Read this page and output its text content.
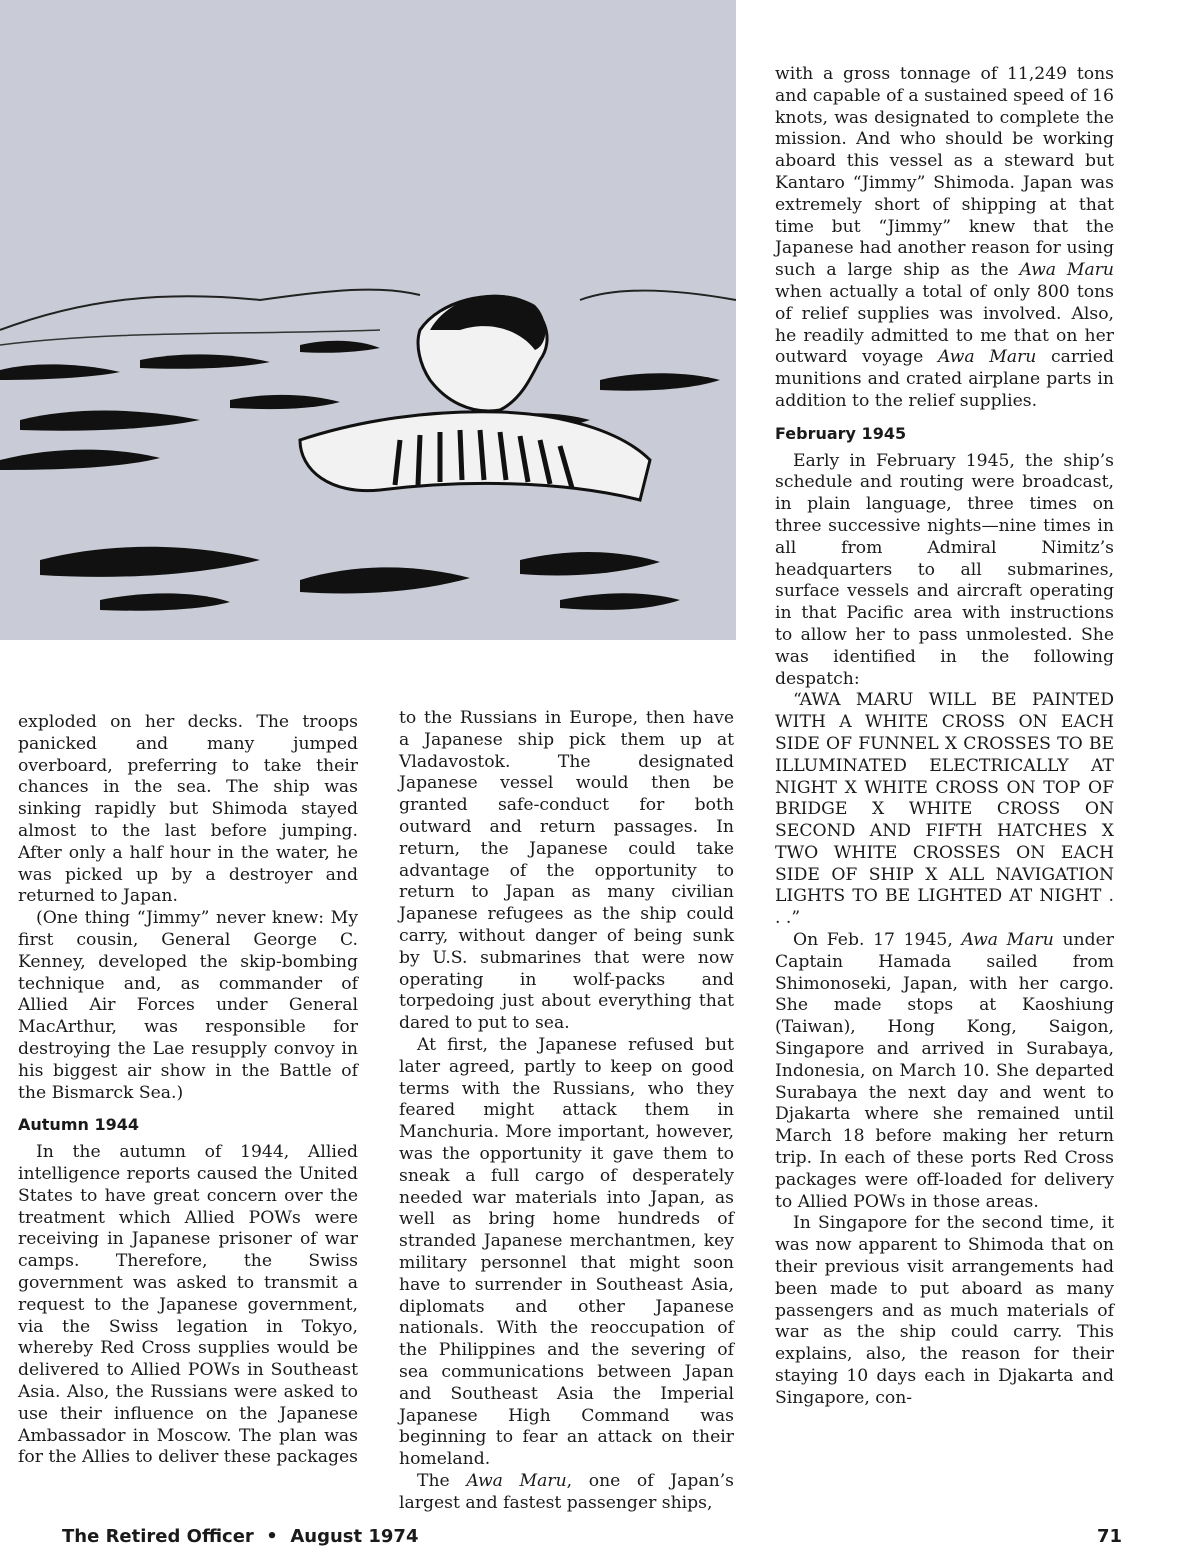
exploded on her decks. The troops panicked and many jumped overboard, preferring to take their chances in the sea. The ship was sinking rapidly but Shimoda stayed almost to the last before jumping. After only a half hour in the water, he was picked up by a destroyer and returned to Japan.

(One thing “Jimmy” never knew: My first cousin, General George C. Kenney, developed the skip-bombing technique and, as commander of Allied Air Forces under General MacArthur, was responsible for destroying the Lae resupply convoy in his biggest air show in the Battle of the Bismarck Sea.)

Autumn 1944

In the autumn of 1944, Allied intelligence reports caused the United States to have great concern over the treatment which Allied POWs were receiving in Japanese prisoner of war camps. Therefore, the Swiss government was asked to transmit a request to the Japanese government, via the Swiss legation in Tokyo, whereby Red Cross supplies would be delivered to Allied POWs in Southeast Asia. Also, the Russians were asked to use their influence on the Japanese Ambassador in Moscow. The plan was for the Allies to deliver these packages

to the Russians in Europe, then have a Japanese ship pick them up at Vladavostok. The designated Japanese vessel would then be granted safe-conduct for both outward and return passages. In return, the Japanese could take advantage of the opportunity to return to Japan as many civilian Japanese refugees as the ship could carry, without danger of being sunk by U.S. submarines that were now operating in wolf-packs and torpedoing just about everything that dared to put to sea.

At first, the Japanese refused but later agreed, partly to keep on good terms with the Russians, who they feared might attack them in Manchuria. More important, however, was the opportunity it gave them to sneak a full cargo of desperately needed war materials into Japan, as well as bring home hundreds of stranded Japanese merchantmen, key military personnel that might soon have to surrender in Southeast Asia, diplomats and other Japanese nationals. With the reoccupation of the Philippines and the severing of sea communications between Japan and Southeast Asia the Imperial Japanese High Command was beginning to fear an attack on their homeland.

The Awa Maru, one of Japan’s largest and fastest passenger ships,

with a gross tonnage of 11,249 tons and capable of a sustained speed of 16 knots, was designated to complete the mission. And who should be working aboard this vessel as a steward but Kantaro “Jimmy” Shimoda. Japan was extremely short of shipping at that time but “Jimmy” knew that the Japanese had another reason for using such a large ship as the Awa Maru when actually a total of only 800 tons of relief supplies was involved. Also, he readily admitted to me that on her outward voyage Awa Maru carried munitions and crated airplane parts in addition to the relief supplies.

February 1945

Early in February 1945, the ship’s schedule and routing were broadcast, in plain language, three times on three successive nights—nine times in all from Admiral Nimitz’s headquarters to all submarines, surface vessels and aircraft operating in that Pacific area with instructions to allow her to pass unmolested. She was identified in the following despatch:

“AWA MARU WILL BE PAINTED WITH A WHITE CROSS ON EACH SIDE OF FUNNEL X CROSSES TO BE ILLUMINATED ELECTRICALLY AT NIGHT X WHITE CROSS ON TOP OF BRIDGE X WHITE CROSS ON SECOND AND FIFTH HATCHES X TWO WHITE CROSSES ON EACH SIDE OF SHIP X ALL NAVIGATION LIGHTS TO BE LIGHTED AT NIGHT . . .”

On Feb. 17 1945, Awa Maru under Captain Hamada sailed from Shimonoseki, Japan, with her cargo. She made stops at Kaoshiung (Taiwan), Hong Kong, Saigon, Singapore and arrived in Surabaya, Indonesia, on March 10. She departed Surabaya the next day and went to Djakarta where she remained until March 18 before making her return trip. In each of these ports Red Cross packages were off-loaded for delivery to Allied POWs in those areas.

In Singapore for the second time, it was now apparent to Shimoda that on their previous visit arrangements had been made to put aboard as many passengers and as much materials of war as the ship could carry. This explains, also, the reason for their staying 10 days each in Djakarta and Singapore, con-

The Retired Officer  •  August 1974	71
